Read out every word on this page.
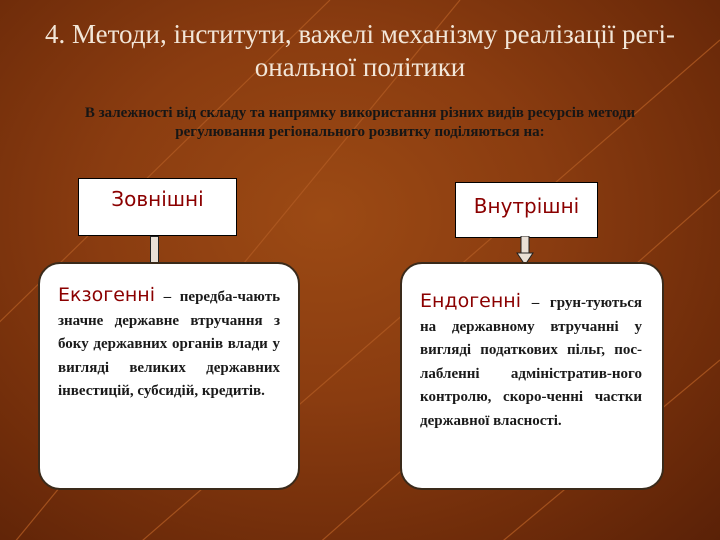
4. Методи, інститути, важелі механізму реалізації регі-ональної політики
В залежності від складу та напрямку використання різних видів ресурсів методи регулювання регіонального розвитку поділяються на:
Зовнішні	Внутрішні
Екзогенні – передба-чають значне державне втручання з боку державних органів влади у вигляді великих державних інвестицій, субсидій, кредитів.
Ендогенні – грун-туються на державному втручанні у вигляді податкових пільг, пос-лабленні адміністратив-ного контролю, скоро-ченні частки державної власності.
